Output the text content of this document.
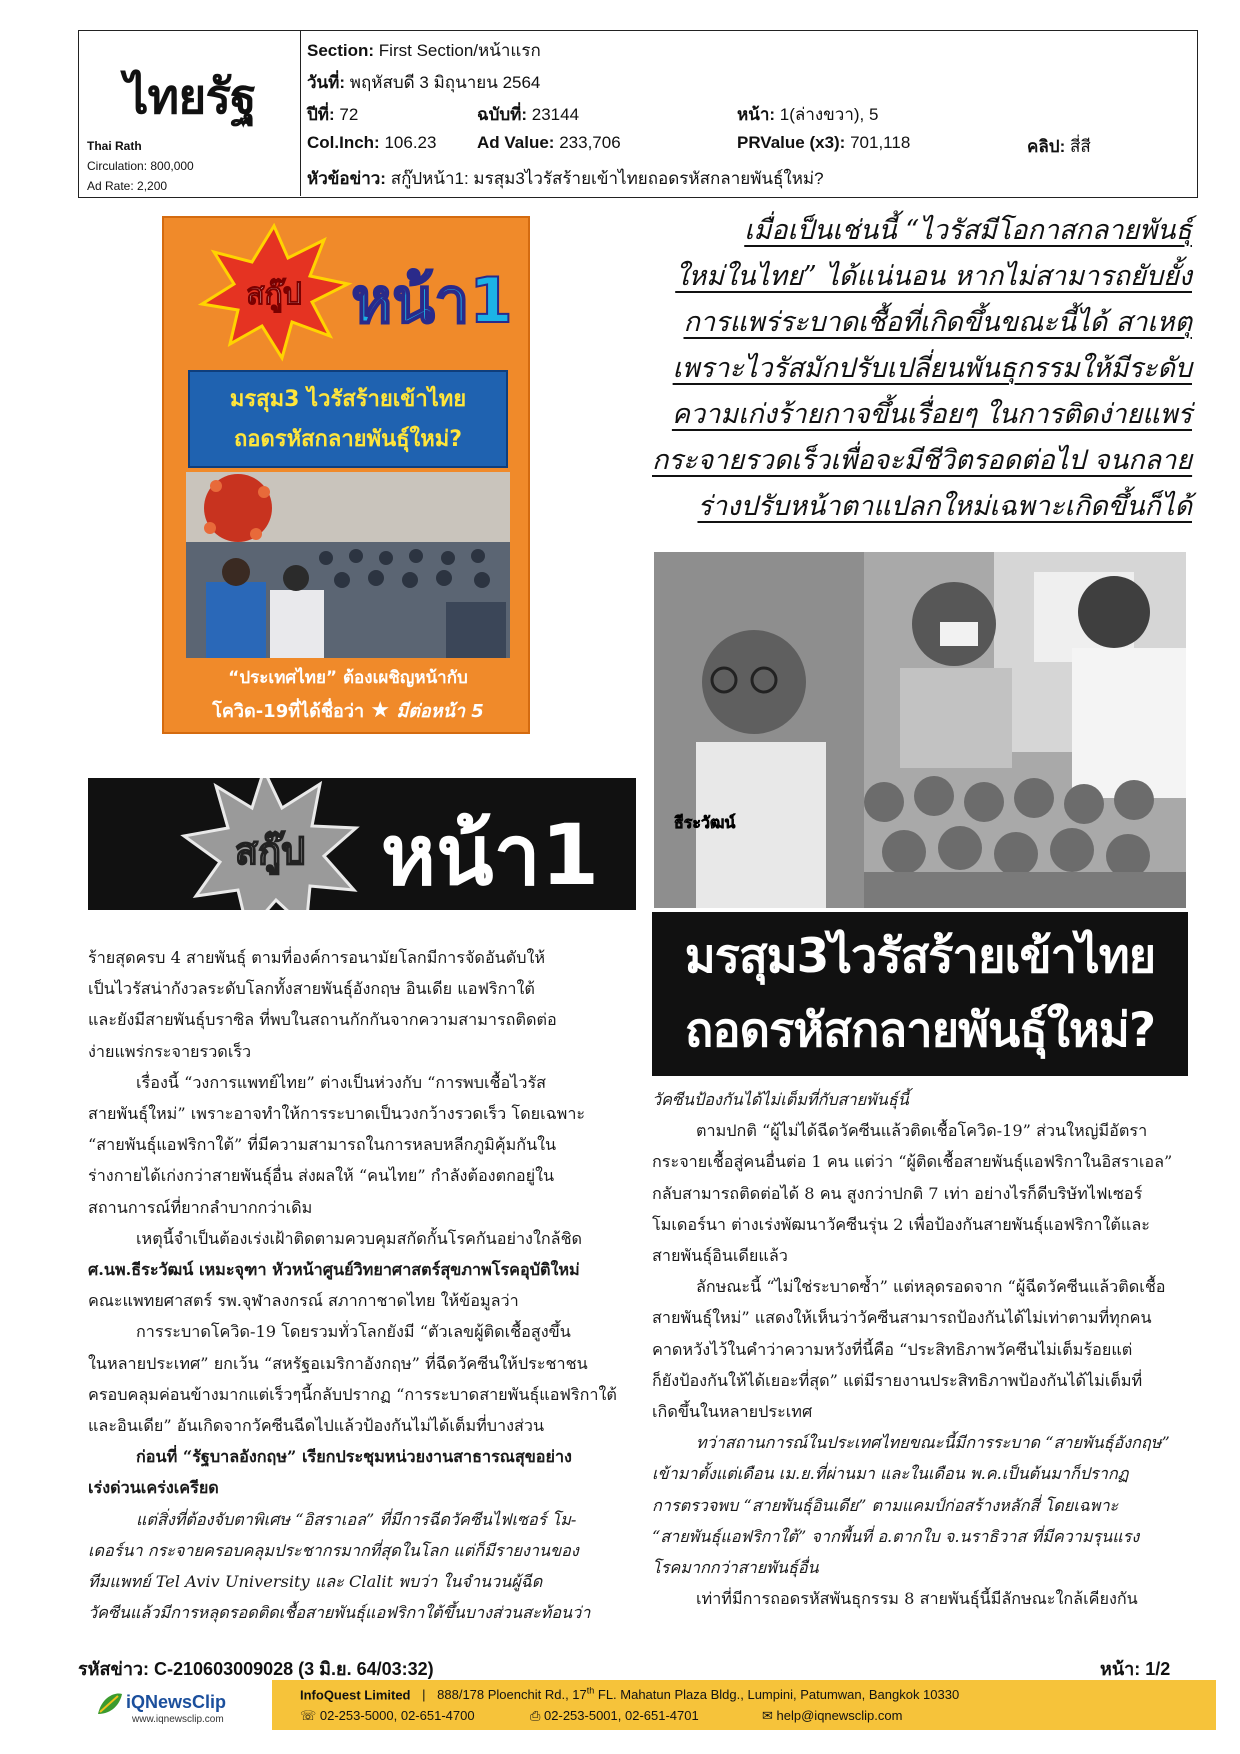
ไทยรัฐ
Thai Rath
Circulation: 800,000
Ad Rate: 2,200
Section: First Section/หน้าแรก
วันที่: พฤหัสบดี 3 มิถุนายน 2564
ปีที่: 72	ฉบับที่: 23144	หน้า: 1(ล่างขวา), 5
Col.Inch: 106.23 Ad Value: 233,706	PRValue (x3): 701,118	คลิป: สี่สี
หัวข้อข่าว: สกู๊ปหน้า1: มรสุม3ไวรัสร้ายเข้าไทยถอดรหัสกลายพันธุ์ใหม่?
สกู๊ป หน้า1
มรสุม3 ไวรัสร้ายเข้าไทย
ถอดรหัสกลายพันธุ์ใหม่?
“ประเทศไทย” ต้องเผชิญหน้ากับ
โควิด-19ที่ได้ชื่อว่า ★ มีต่อหน้า 5
เมื่อเป็นเช่นนี้ “ไวรัสมีโอกาสกลายพันธุ์
ใหม่ในไทย” ได้แน่นอน หากไม่สามารถยับยั้ง
การแพร่ระบาดเชื้อที่เกิดขึ้นขณะนี้ได้ สาเหตุ
เพราะไวรัสมักปรับเปลี่ยนพันธุกรรมให้มีระดับ
ความเก่งร้ายกาจขึ้นเรื่อยๆ ในการติดง่ายแพร่
กระจายรวดเร็วเพื่อจะมีชีวิตรอดต่อไป จนกลาย
ร่างปรับหน้าตาแปลกใหม่เฉพาะเกิดขึ้นก็ได้
ธีระวัฒน์
สกู๊ป หน้า1
มรสุม3ไวรัสร้ายเข้าไทย
ถอดรหัสกลายพันธุ์ใหม่?

ร้ายสุดครบ 4 สายพันธุ์ ตามที่องค์การอนามัยโลกมีการจัดอันดับให้

เป็นไวรัสน่ากังวลระดับโลกทั้งสายพันธุ์อังกฤษ อินเดีย แอฟริกาใต้

และยังมีสายพันธุ์บราซิล ที่พบในสถานกักกันจากความสามารถติดต่อ

ง่ายแพร่กระจายรวดเร็ว

เรื่องนี้ “วงการแพทย์ไทย” ต่างเป็นห่วงกับ “การพบเชื้อไวรัส

สายพันธุ์ใหม่” เพราะอาจทำให้การระบาดเป็นวงกว้างรวดเร็ว โดยเฉพาะ

“สายพันธุ์แอฟริกาใต้” ที่มีความสามารถในการหลบหลีกภูมิคุ้มกันใน

ร่างกายได้เก่งกว่าสายพันธุ์อื่น ส่งผลให้ “คนไทย” กำลังต้องตกอยู่ใน

สถานการณ์ที่ยากลำบากกว่าเดิม

เหตุนี้จำเป็นต้องเร่งเฝ้าติดตามควบคุมสกัดกั้นโรคกันอย่างใกล้ชิด

ศ.นพ.ธีระวัฒน์ เหมะจุฑา หัวหน้าศูนย์วิทยาศาสตร์สุขภาพโรคอุบัติใหม่

คณะแพทยศาสตร์ รพ.จุฬาลงกรณ์ สภากาชาดไทย ให้ข้อมูลว่า

การระบาดโควิด-19 โดยรวมทั่วโลกยังมี “ตัวเลขผู้ติดเชื้อสูงขึ้น

ในหลายประเทศ” ยกเว้น “สหรัฐอเมริกาอังกฤษ” ที่ฉีดวัคซีนให้ประชาชน

ครอบคลุมค่อนข้างมากแต่เร็วๆนี้กลับปรากฏ “การระบาดสายพันธุ์แอฟริกาใต้

และอินเดีย” อันเกิดจากวัคซีนฉีดไปแล้วป้องกันไม่ได้เต็มที่บางส่วน

ก่อนที่ “รัฐบาลอังกฤษ” เรียกประชุมหน่วยงานสาธารณสุขอย่าง

เร่งด่วนเคร่งเครียด

แต่สิ่งที่ต้องจับตาพิเศษ “อิสราเอล” ที่มีการฉีดวัคซีนไฟเซอร์ โม-

เดอร์นา กระจายครอบคลุมประชากรมากที่สุดในโลก แต่ก็มีรายงานของ

ทีมแพทย์ Tel Aviv University และ Clalit พบว่า ในจำนวนผู้ฉีด

วัคซีนแล้วมีการหลุดรอดติดเชื้อสายพันธุ์แอฟริกาใต้ขึ้นบางส่วนสะท้อนว่า

วัคซีนป้องกันได้ไม่เต็มที่กับสายพันธุ์นี้

ตามปกติ “ผู้ไม่ได้ฉีดวัคซีนแล้วติดเชื้อโควิด-19” ส่วนใหญ่มีอัตรา

กระจายเชื้อสู่คนอื่นต่อ 1 คน แต่ว่า “ผู้ติดเชื้อสายพันธุ์แอฟริกาในอิสราเอล”

กลับสามารถติดต่อได้ 8 คน สูงกว่าปกติ 7 เท่า อย่างไรก็ดีบริษัทไฟเซอร์

โมเดอร์นา ต่างเร่งพัฒนาวัคซีนรุ่น 2 เพื่อป้องกันสายพันธุ์แอฟริกาใต้และ

สายพันธุ์อินเดียแล้ว

ลักษณะนี้ “ไม่ใช่ระบาดซ้ำ” แต่หลุดรอดจาก “ผู้ฉีดวัคซีนแล้วติดเชื้อ

สายพันธุ์ใหม่” แสดงให้เห็นว่าวัคซีนสามารถป้องกันได้ไม่เท่าตามที่ทุกคน

คาดหวังไว้ในคำว่าความหวังที่นี้คือ “ประสิทธิภาพวัคซีนไม่เต็มร้อยแต่

ก็ยังป้องกันให้ได้เยอะที่สุด” แต่มีรายงานประสิทธิภาพป้องกันได้ไม่เต็มที่

เกิดขึ้นในหลายประเทศ

ทว่าสถานการณ์ในประเทศไทยขณะนี้มีการระบาด “สายพันธุ์อังกฤษ”

เข้ามาตั้งแต่เดือน เม.ย.ที่ผ่านมา และในเดือน พ.ค.เป็นต้นมาก็ปรากฏ

การตรวจพบ “สายพันธุ์อินเดีย” ตามแคมป์ก่อสร้างหลักสี่ โดยเฉพาะ

“สายพันธุ์แอฟริกาใต้” จากพื้นที่ อ.ตากใบ จ.นราธิวาส ที่มีความรุนแรง

โรคมากกว่าสายพันธุ์อื่น

เท่าที่มีการถอดรหัสพันธุกรรม 8 สายพันธุ์นี้มีลักษณะใกล้เคียงกัน

รหัสข่าว: C-210603009028 (3 มิ.ย. 64/03:32)	หน้า: 1/2
iQNewsClip
www.iqnewsclip.com
InfoQuest Limited | 888/178 Ploenchit Rd., 17th FL. Mahatun Plaza Bldg., Lumpini, Patumwan, Bangkok 10330
☏ 02-253-5000, 02-651-4700	⎙ 02-253-5001, 02-651-4701	✉ help@iqnewsclip.com
